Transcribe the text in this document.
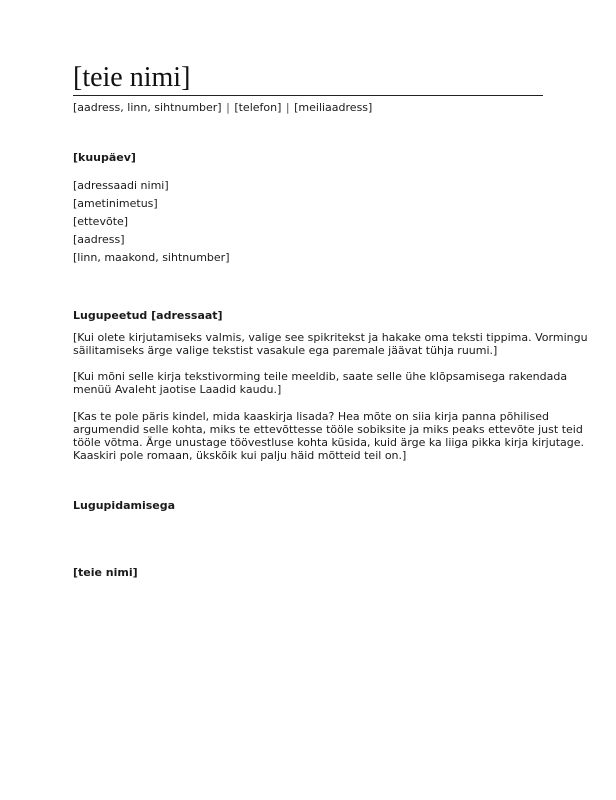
[teie nimi]
[aadress, linn, sihtnumber] | [telefon] | [meiliaadress]
[kuupäev]
[adressaadi nimi]
[ametinimetus]
[ettevõte]
[aadress]
[linn, maakond, sihtnumber]
Lugupeetud [adressaat]
[Kui olete kirjutamiseks valmis, valige see spikritekst ja hakake oma teksti tippima. Vormingu
säilitamiseks ärge valige tekstist vasakule ega paremale jäävat tühja ruumi.]
[Kui mõni selle kirja tekstivorming teile meeldib, saate selle ühe klõpsamisega rakendada
menüü Avaleht jaotise Laadid kaudu.]
[Kas te pole päris kindel, mida kaaskirja lisada? Hea mõte on siia kirja panna põhilised
argumendid selle kohta, miks te ettevõttesse tööle sobiksite ja miks peaks ettevõte just teid
tööle võtma. Ärge unustage töövestluse kohta küsida, kuid ärge ka liiga pikka kirja kirjutage.
Kaaskiri pole romaan, ükskõik kui palju häid mõtteid teil on.]
Lugupidamisega
[teie nimi]
